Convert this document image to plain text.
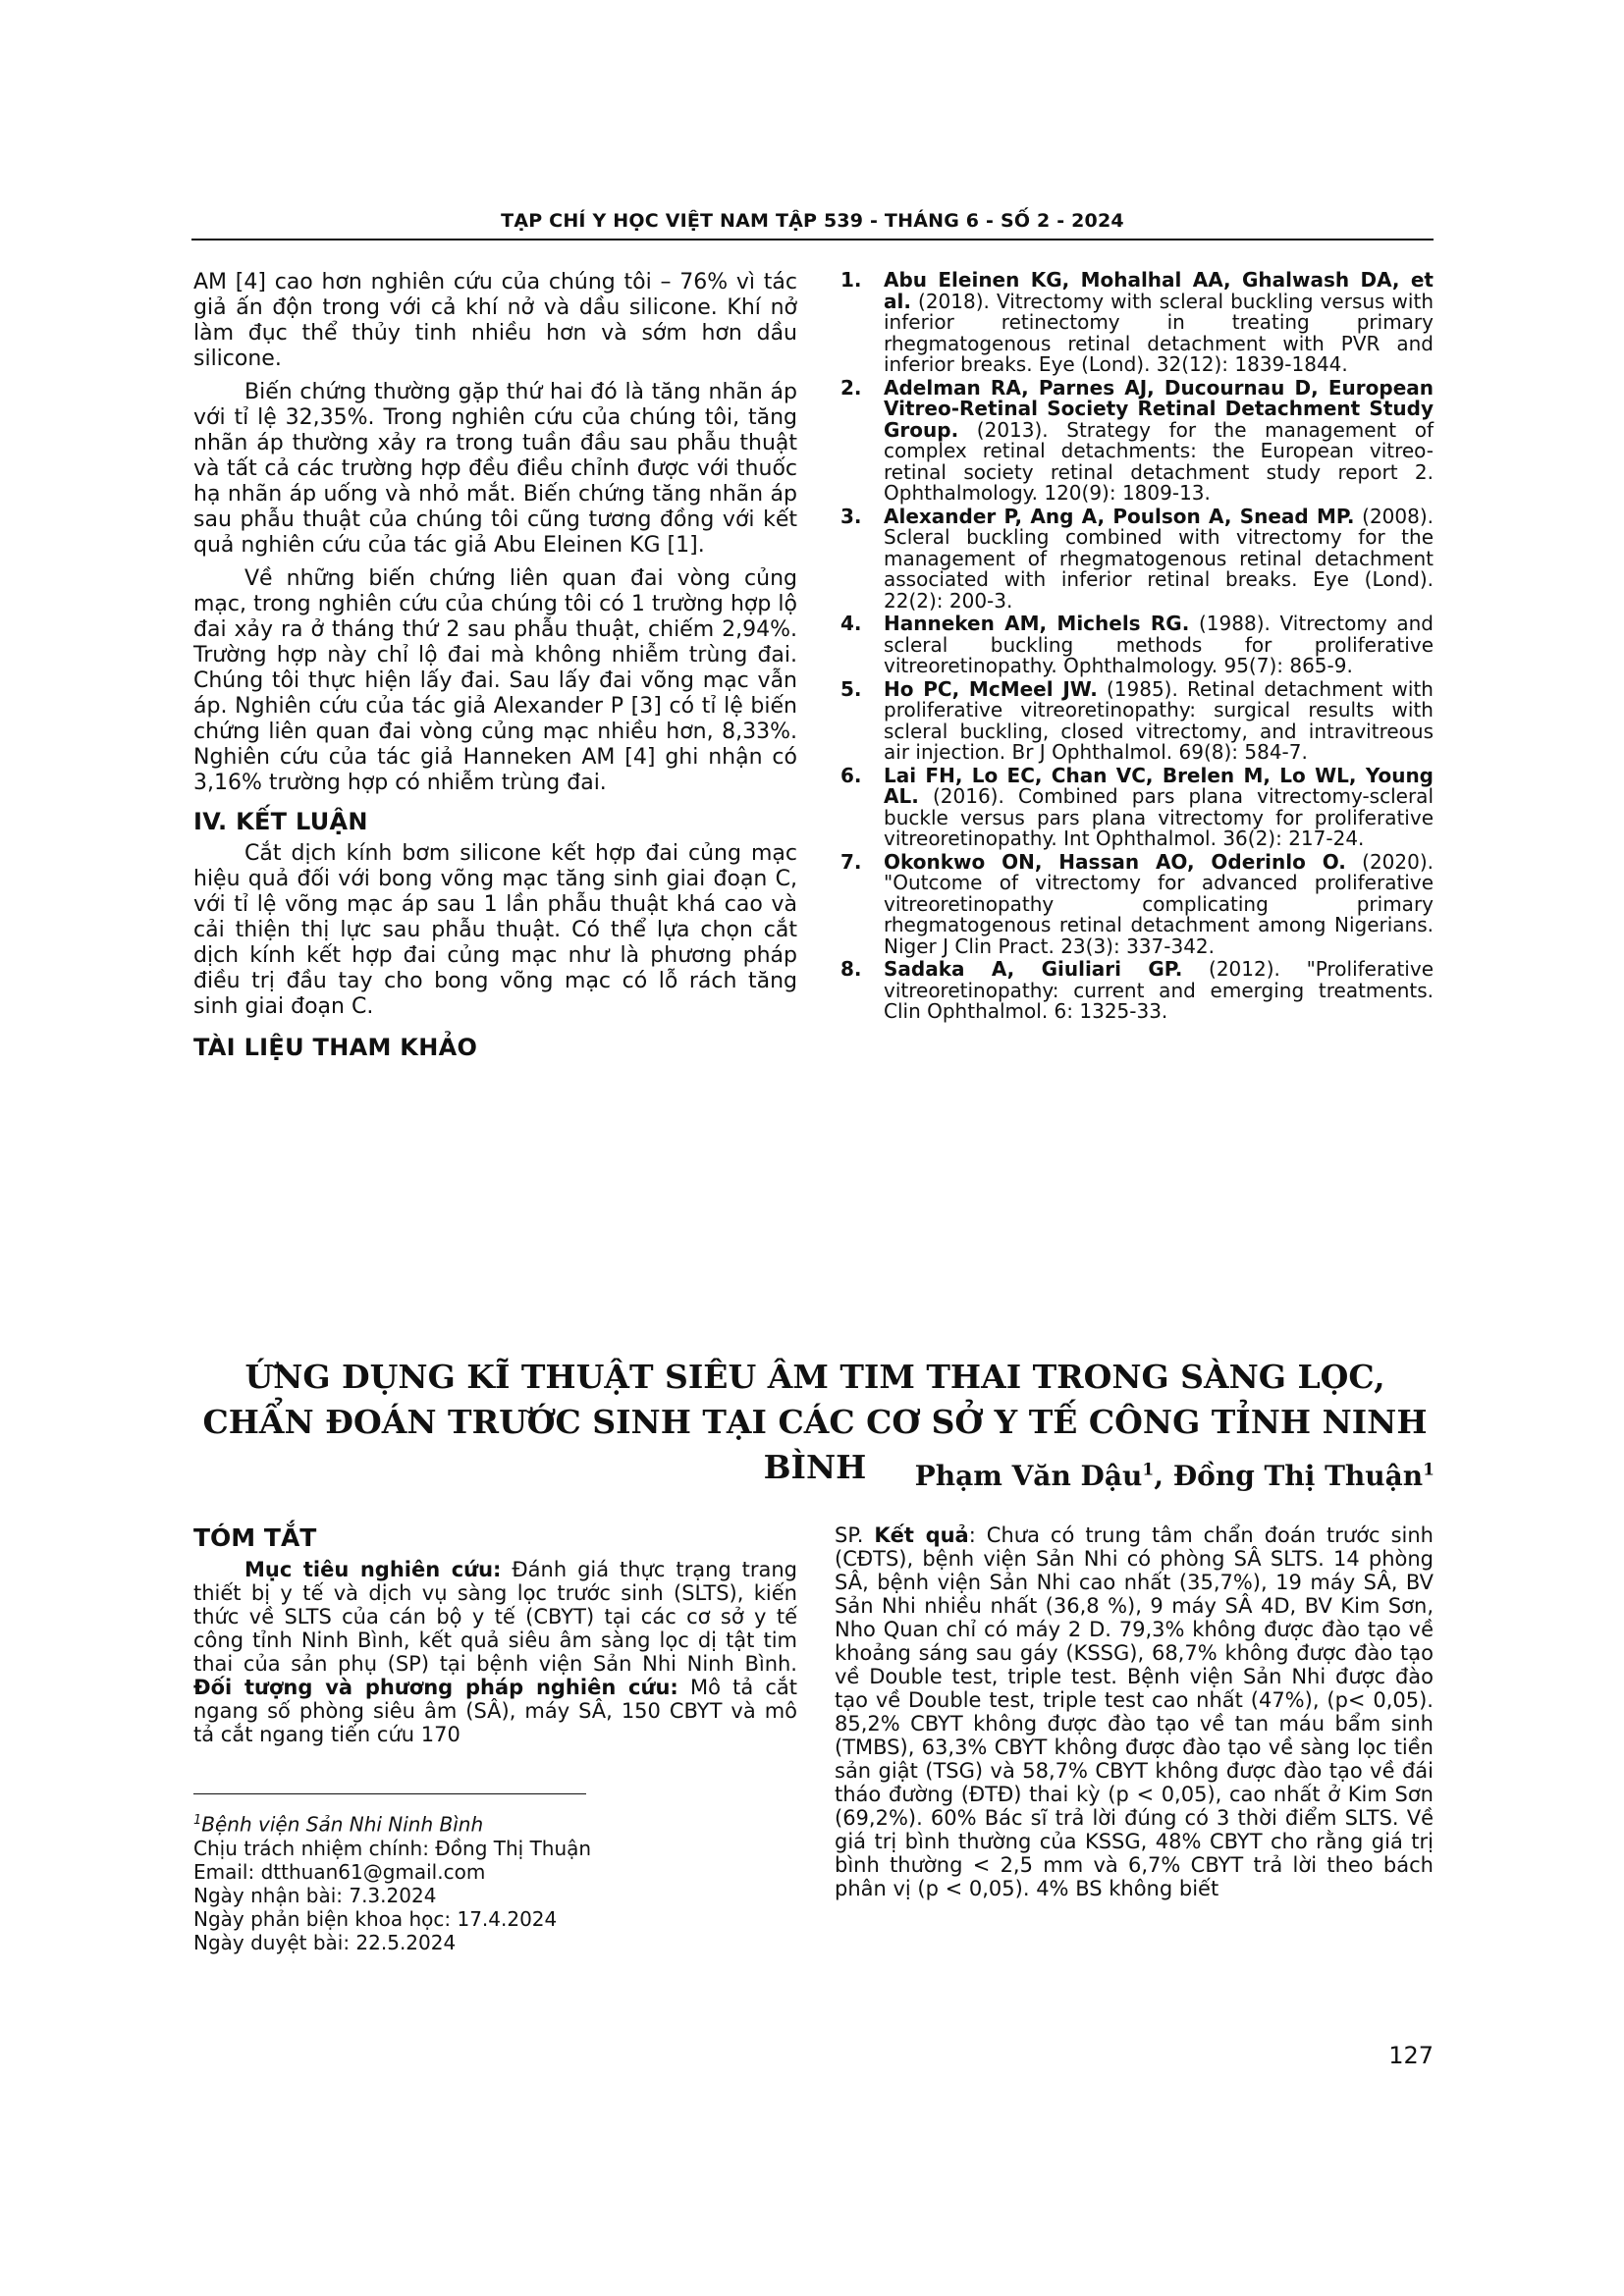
TẠP CHÍ Y HỌC VIỆT NAM TẬP 539 - THÁNG 6 - SỐ 2 - 2024

AM [4] cao hơn nghiên cứu của chúng tôi – 76% vì tác giả ấn độn trong với cả khí nở và dầu silicone. Khí nở làm đục thể thủy tinh nhiều hơn và sớm hơn dầu silicone.

Biến chứng thường gặp thứ hai đó là tăng nhãn áp với tỉ lệ 32,35%. Trong nghiên cứu của chúng tôi, tăng nhãn áp thường xảy ra trong tuần đầu sau phẫu thuật và tất cả các trường hợp đều điều chỉnh được với thuốc hạ nhãn áp uống và nhỏ mắt. Biến chứng tăng nhãn áp sau phẫu thuật của chúng tôi cũng tương đồng với kết quả nghiên cứu của tác giả Abu Eleinen KG [1].

Về những biến chứng liên quan đai vòng củng mạc, trong nghiên cứu của chúng tôi có 1 trường hợp lộ đai xảy ra ở tháng thứ 2 sau phẫu thuật, chiếm 2,94%. Trường hợp này chỉ lộ đai mà không nhiễm trùng đai. Chúng tôi thực hiện lấy đai. Sau lấy đai võng mạc vẫn áp. Nghiên cứu của tác giả Alexander P [3] có tỉ lệ biến chứng liên quan đai vòng củng mạc nhiều hơn, 8,33%. Nghiên cứu của tác giả Hanneken AM [4] ghi nhận có 3,16% trường hợp có nhiễm trùng đai.

IV. KẾT LUẬN

Cắt dịch kính bơm silicone kết hợp đai củng mạc hiệu quả đối với bong võng mạc tăng sinh giai đoạn C, với tỉ lệ võng mạc áp sau 1 lần phẫu thuật khá cao và cải thiện thị lực sau phẫu thuật. Có thể lựa chọn cắt dịch kính kết hợp đai củng mạc như là phương pháp điều trị đầu tay cho bong võng mạc có lỗ rách tăng sinh giai đoạn C.

TÀI LIỆU THAM KHẢO
1. Abu Eleinen KG, Mohalhal AA, Ghalwash DA, et al. (2018). Vitrectomy with scleral buckling versus with inferior retinectomy in treating primary rhegmatogenous retinal detachment with PVR and inferior breaks. Eye (Lond). 32(12): 1839-1844.
2. Adelman RA, Parnes AJ, Ducournau D, European Vitreo-Retinal Society Retinal Detachment Study Group. (2013). Strategy for the management of complex retinal detachments: the European vitreo-retinal society retinal detachment study report 2. Ophthalmology. 120(9): 1809-13.
3. Alexander P, Ang A, Poulson A, Snead MP. (2008). Scleral buckling combined with vitrectomy for the management of rhegmatogenous retinal detachment associated with inferior retinal breaks. Eye (Lond). 22(2): 200-3.
4. Hanneken AM, Michels RG. (1988). Vitrectomy and scleral buckling methods for proliferative vitreoretinopathy. Ophthalmology. 95(7): 865-9.
5. Ho PC, McMeel JW. (1985). Retinal detachment with proliferative vitreoretinopathy: surgical results with scleral buckling, closed vitrectomy, and intravitreous air injection. Br J Ophthalmol. 69(8): 584-7.
6. Lai FH, Lo EC, Chan VC, Brelen M, Lo WL, Young AL. (2016). Combined pars plana vitrectomy-scleral buckle versus pars plana vitrectomy for proliferative vitreoretinopathy. Int Ophthalmol. 36(2): 217-24.
7. Okonkwo ON, Hassan AO, Oderinlo O. (2020). "Outcome of vitrectomy for advanced proliferative vitreoretinopathy complicating primary rhegmatogenous retinal detachment among Nigerians. Niger J Clin Pract. 23(3): 337-342.
8. Sadaka A, Giuliari GP. (2012). "Proliferative vitreoretinopathy: current and emerging treatments. Clin Ophthalmol. 6: 1325-33.
ỨNG DỤNG KĨ THUẬT SIÊU ÂM TIM THAI TRONG SÀNG LỌC,
CHẨN ĐOÁN TRƯỚC SINH TẠI CÁC CƠ SỞ Y TẾ CÔNG TỈNH NINH BÌNH	Phạm Văn Dậu$^1$, Đồng Thị Thuận$^1$
TÓM TẮT

Mục tiêu nghiên cứu: Đánh giá thực trạng trang thiết bị y tế và dịch vụ sàng lọc trước sinh (SLTS), kiến thức về SLTS của cán bộ y tế (CBYT) tại các cơ sở y tế công tỉnh Ninh Bình, kết quả siêu âm sàng lọc dị tật tim thai của sản phụ (SP) tại bệnh viện Sản Nhi Ninh Bình. Đối tượng và phương pháp nghiên cứu: Mô tả cắt ngang số phòng siêu âm (SÂ), máy SÂ, 150 CBYT và mô tả cắt ngang tiến cứu 170

$^1$Bệnh viện Sản Nhi Ninh Bình
Chịu trách nhiệm chính: Đồng Thị Thuận
Email: dtthuan61@gmail.com
Ngày nhận bài: 7.3.2024
Ngày phản biện khoa học: 17.4.2024
Ngày duyệt bài: 22.5.2024

SP. Kết quả: Chưa có trung tâm chẩn đoán trước sinh (CĐTS), bệnh viện Sản Nhi có phòng SÂ SLTS. 14 phòng SÂ, bệnh viện Sản Nhi cao nhất (35,7%), 19 máy SÂ, BV Sản Nhi nhiều nhất (36,8 %), 9 máy SÂ 4D, BV Kim Sơn, Nho Quan chỉ có máy 2 D. 79,3% không được đào tạo về khoảng sáng sau gáy (KSSG), 68,7% không được đào tạo về Double test, triple test. Bệnh viện Sản Nhi được đào tạo về Double test, triple test cao nhất (47%), (p< 0,05). 85,2% CBYT không được đào tạo về tan máu bẩm sinh (TMBS), 63,3% CBYT không được đào tạo về sàng lọc tiền sản giật (TSG) và 58,7% CBYT không được đào tạo về đái tháo đường (ĐTĐ) thai kỳ (p < 0,05), cao nhất ở Kim Sơn (69,2%). 60% Bác sĩ trả lời đúng có 3 thời điểm SLTS. Về giá trị bình thường của KSSG, 48% CBYT cho rằng giá trị bình thường < 2,5 mm và 6,7% CBYT trả lời theo bách phân vị (p < 0,05). 4% BS không biết

127
